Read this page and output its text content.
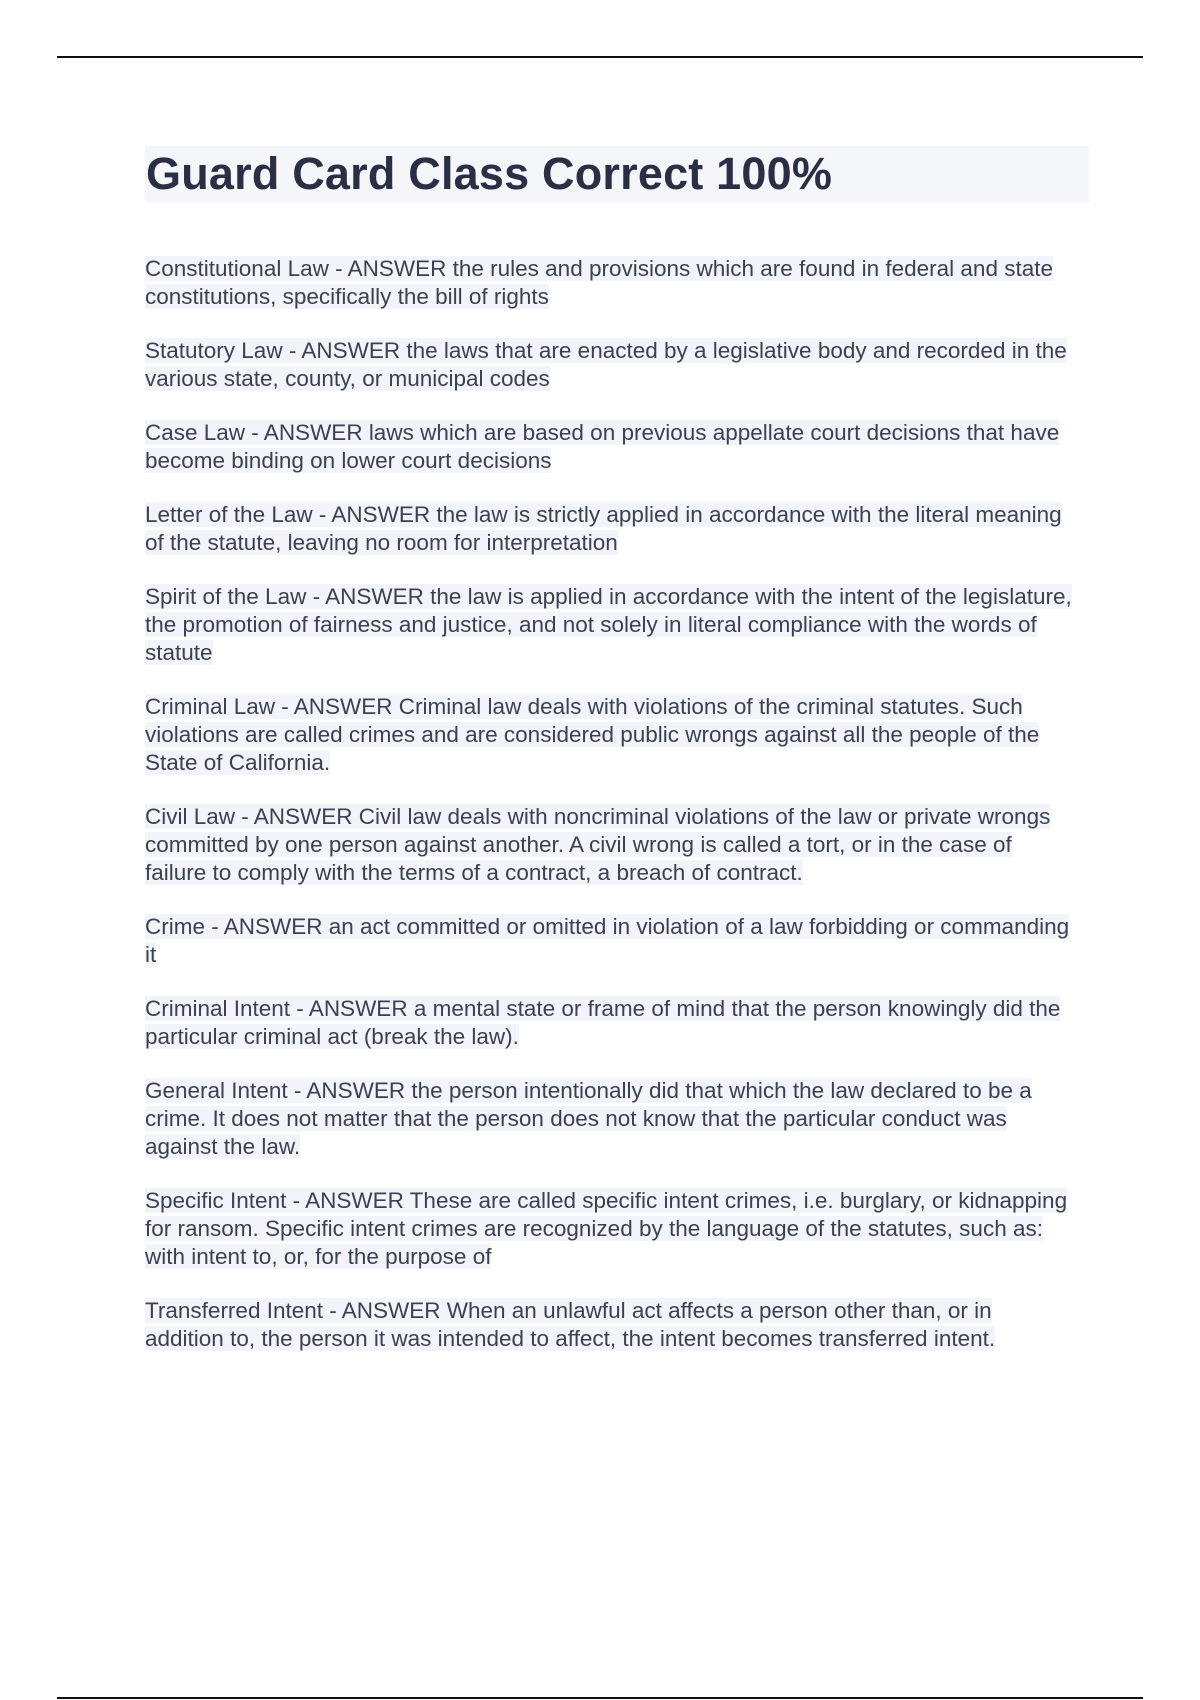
Guard Card Class Correct 100%

Constitutional Law - ANSWER the rules and provisions which are found in federal and state constitutions, specifically the bill of rights

Statutory Law - ANSWER the laws that are enacted by a legislative body and recorded in the various state, county, or municipal codes

Case Law - ANSWER laws which are based on previous appellate court decisions that have become binding on lower court decisions

Letter of the Law - ANSWER the law is strictly applied in accordance with the literal meaning of the statute, leaving no room for interpretation

Spirit of the Law - ANSWER the law is applied in accordance with the intent of the legislature, the promotion of fairness and justice, and not solely in literal compliance with the words of statute

Criminal Law - ANSWER Criminal law deals with violations of the criminal statutes. Such violations are called crimes and are considered public wrongs against all the people of the State of California.

Civil Law - ANSWER Civil law deals with noncriminal violations of the law or private wrongs committed by one person against another. A civil wrong is called a tort, or in the case of failure to comply with the terms of a contract, a breach of contract.

Crime - ANSWER an act committed or omitted in violation of a law forbidding or commanding it

Criminal Intent - ANSWER a mental state or frame of mind that the person knowingly did the particular criminal act (break the law).

General Intent - ANSWER the person intentionally did that which the law declared to be a crime. It does not matter that the person does not know that the particular conduct was against the law.

Specific Intent - ANSWER These are called specific intent crimes, i.e. burglary, or kidnapping for ransom. Specific intent crimes are recognized by the language of the statutes, such as: with intent to, or, for the purpose of

Transferred Intent - ANSWER When an unlawful act affects a person other than, or in addition to, the person it was intended to affect, the intent becomes transferred intent.
